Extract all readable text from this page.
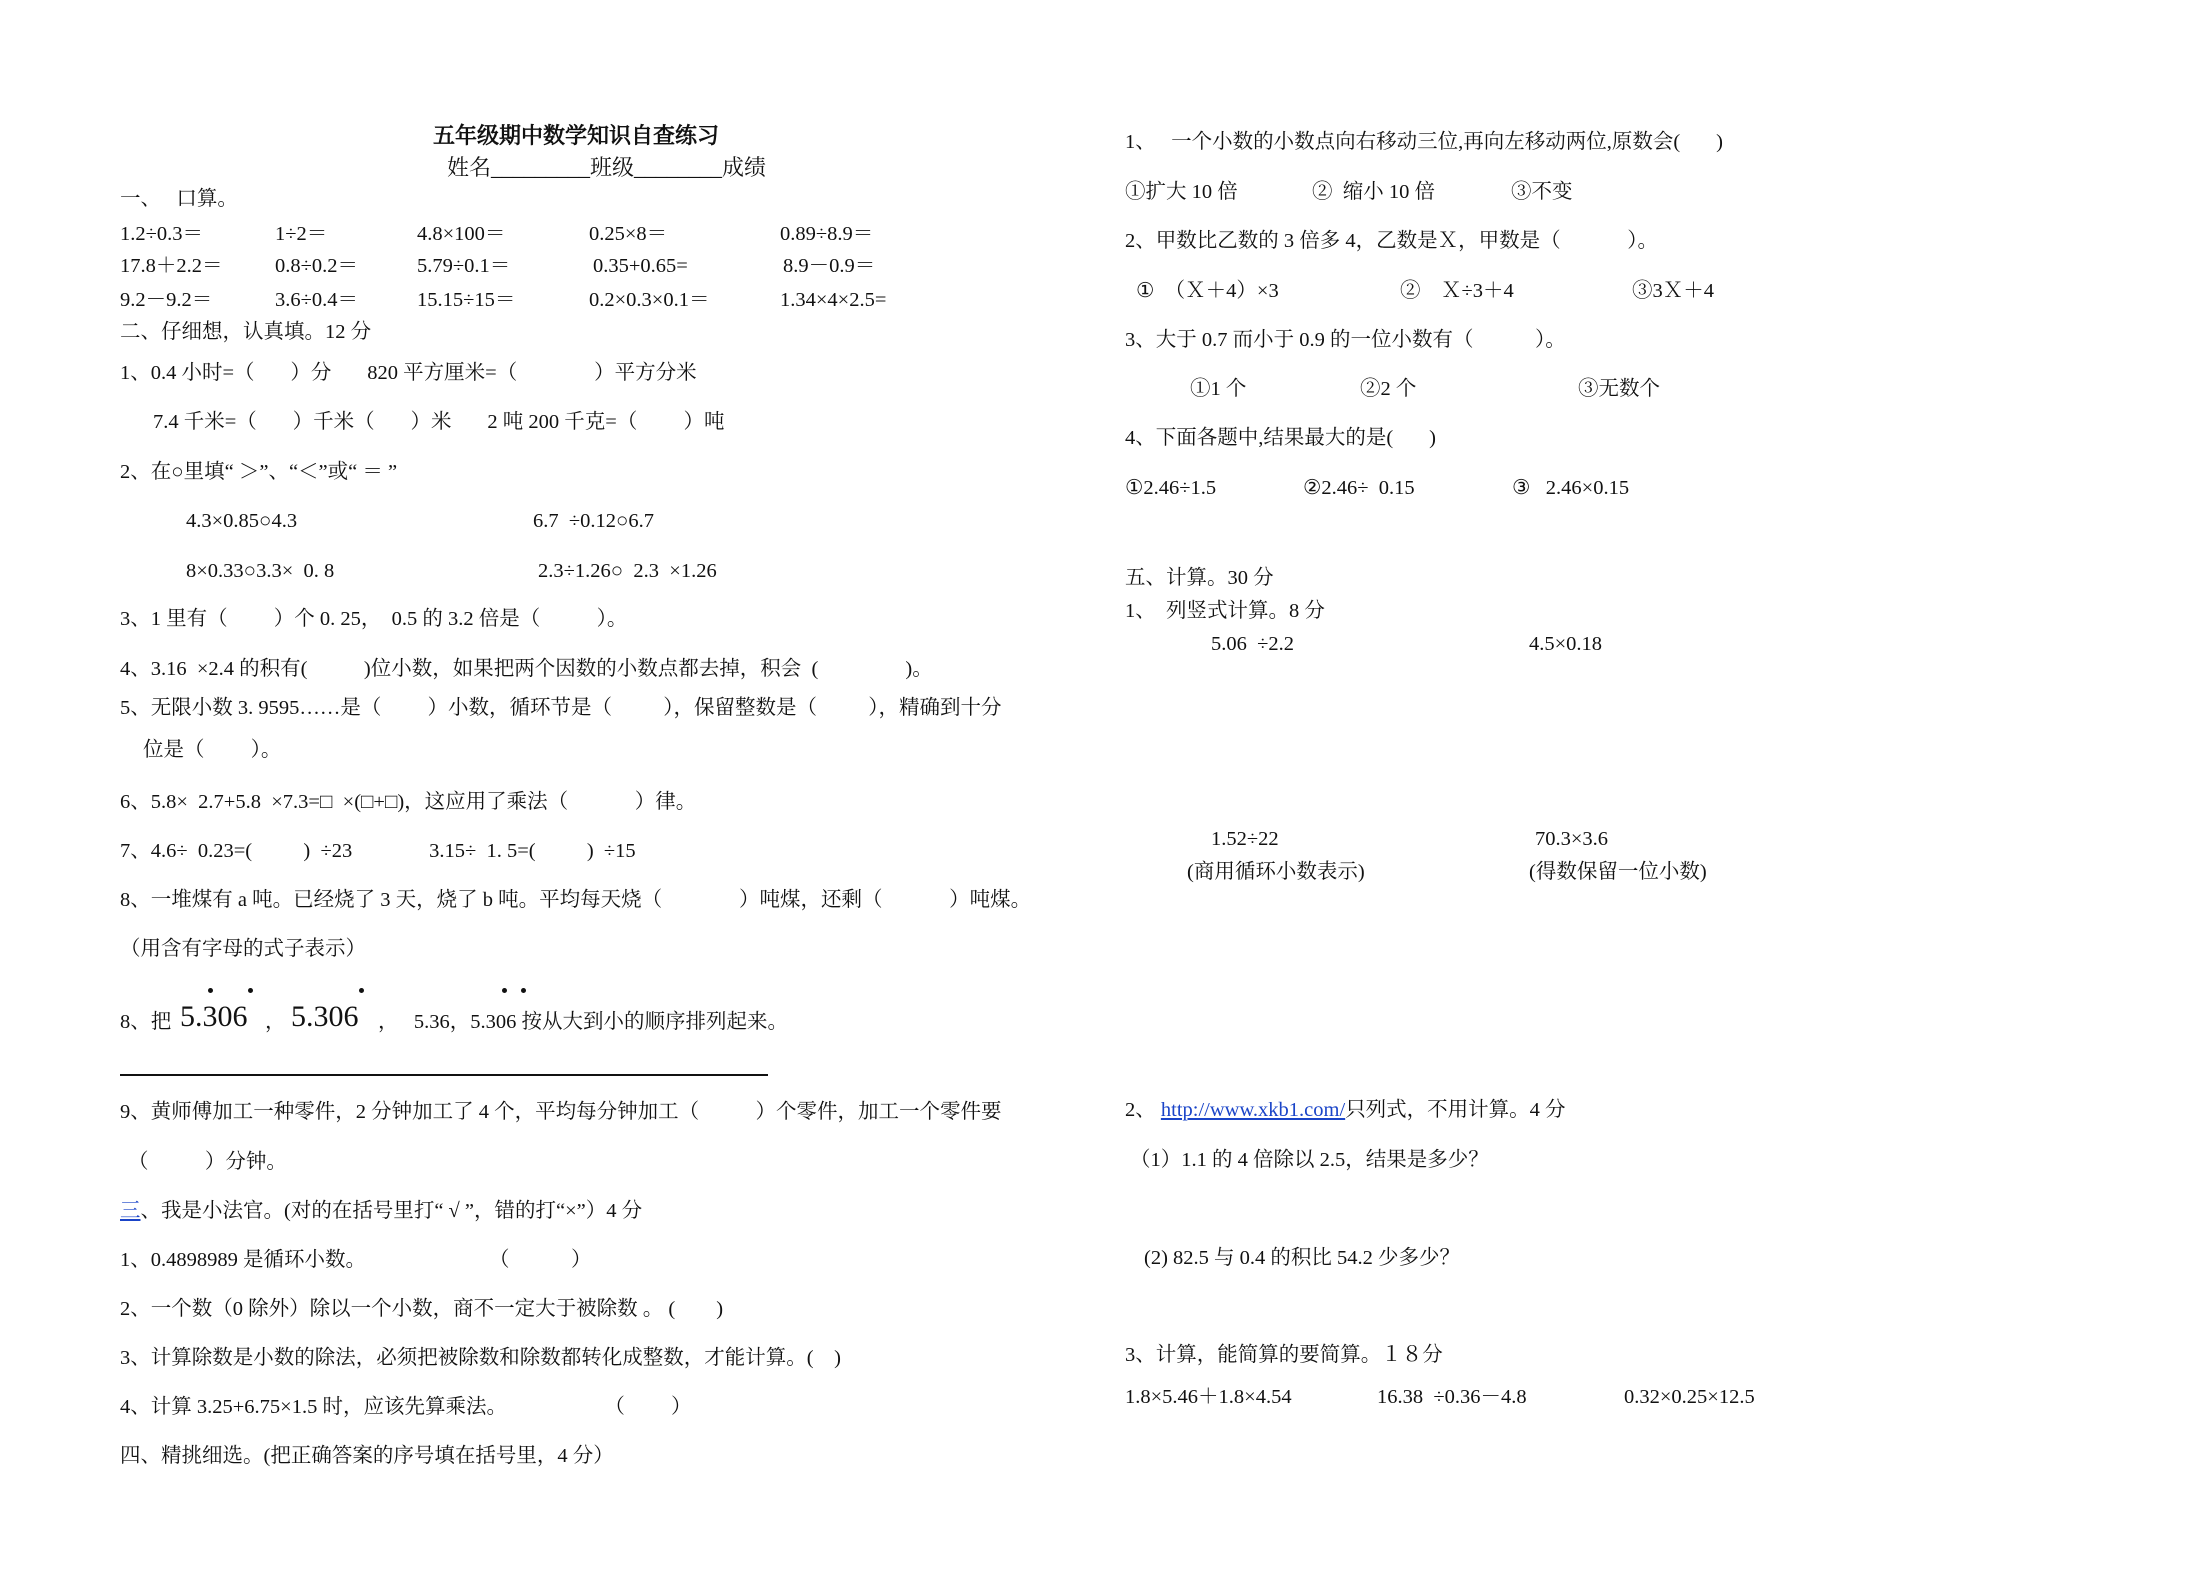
五年级期中数学知识自查练习
姓名_________班级________成绩
一、   口算。
1.2÷0.3＝	1÷2＝	4.8×100＝	0.25×8＝	0.89÷8.9＝
17.8＋2.2＝	0.8÷0.2＝	5.79÷0.1＝	0.35+0.65=	8.9－0.9＝
9.2－9.2＝	3.6÷0.4＝	15.15÷15＝	0.2×0.3×0.1＝	1.34×4×2.5=
二、仔细想，认真填。12 分
1、0.4 小时=（       ）分       820 平方厘米=（               ）平方分米
7.4 千米=（       ）千米（       ）米       2 吨 200 千克=（         ）吨
2、在○里填“ ＞”、“＜”或“ ＝ ”
4.3×0.85○4.3	6.7  ÷0.12○6.7
8×0.33○3.3×  0. 8	2.3÷1.26○  2.3  ×1.26
3、1 里有（         ）个 0. 25，  0.5 的 3.2 倍是（           ）。
4、3.16  ×2.4 的积有(           )位小数，如果把两个因数的小数点都去掉，积会  (                 )。
5、无限小数 3. 9595……是（         ）小数，循环节是（          ），保留整数是（          ），精确到十分
位是（         ）。
6、5.8×  2.7+5.8  ×7.3=□  ×(□+□)，这应用了乘法（             ）律。
7、4.6÷  0.23=(          )  ÷23               3.15÷  1. 5=(          )  ÷15
8、一堆煤有 a 吨。已经烧了 3 天，烧了 b 吨。平均每天烧（               ）吨煤，还剩（             ）吨煤。
（用含有字母的式子表示）
8、把 5.306 ， 5.306 ，   5.36，5.306 按从大到小的顺序排列起来。
9、黄师傅加工一种零件，2 分钟加工了 4 个，平均每分钟加工（           ）个零件，加工一个零件要
（           ）分钟。
三、我是小法官。(对的在括号里打“ √ ”，错的打“×”）4 分
1、0.4898989 是循环小数。                        （            ）
2、一个数（0 除外）除以一个小数，商不一定大于被除数 。 (        )
3、计算除数是小数的除法，必须把被除数和除数都转化成整数，才能计算。(    )
4、计算 3.25+6.75×1.5 时，应该先算乘法。                   （         ）
四、精挑细选。(把正确答案的序号填在括号里，4 分）
1、   一个小数的小数点向右移动三位,再向左移动两位,原数会(       )
①扩大 10 倍	②  缩小 10 倍	③不变
2、甲数比乙数的 3 倍多 4，乙数是Ｘ，甲数是（             ）。
①  （Ｘ＋4）×3	②    Ｘ÷3＋4	③3Ｘ＋4
3、大于 0.7 而小于 0.9 的一位小数有（            ）。
①1 个	②2 个	③无数个
4、下面各题中,结果最大的是(       )
①2.46÷1.5	②2.46÷  0.15	③   2.46×0.15
五、计算。30 分
1、  列竖式计算。8 分
5.06  ÷2.2	4.5×0.18
1.52÷22	70.3×3.6
(商用循环小数表示)	(得数保留一位小数)
2、 http://www.xkb1.com/只列式，不用计算。4 分
（1）1.1 的 4 倍除以 2.5，结果是多少？
(2) 82.5 与 0.4 的积比 54.2 少多少？
3、计算，能简算的要简算。１８分
1.8×5.46＋1.8×4.54	16.38  ÷0.36－4.8	0.32×0.25×12.5
